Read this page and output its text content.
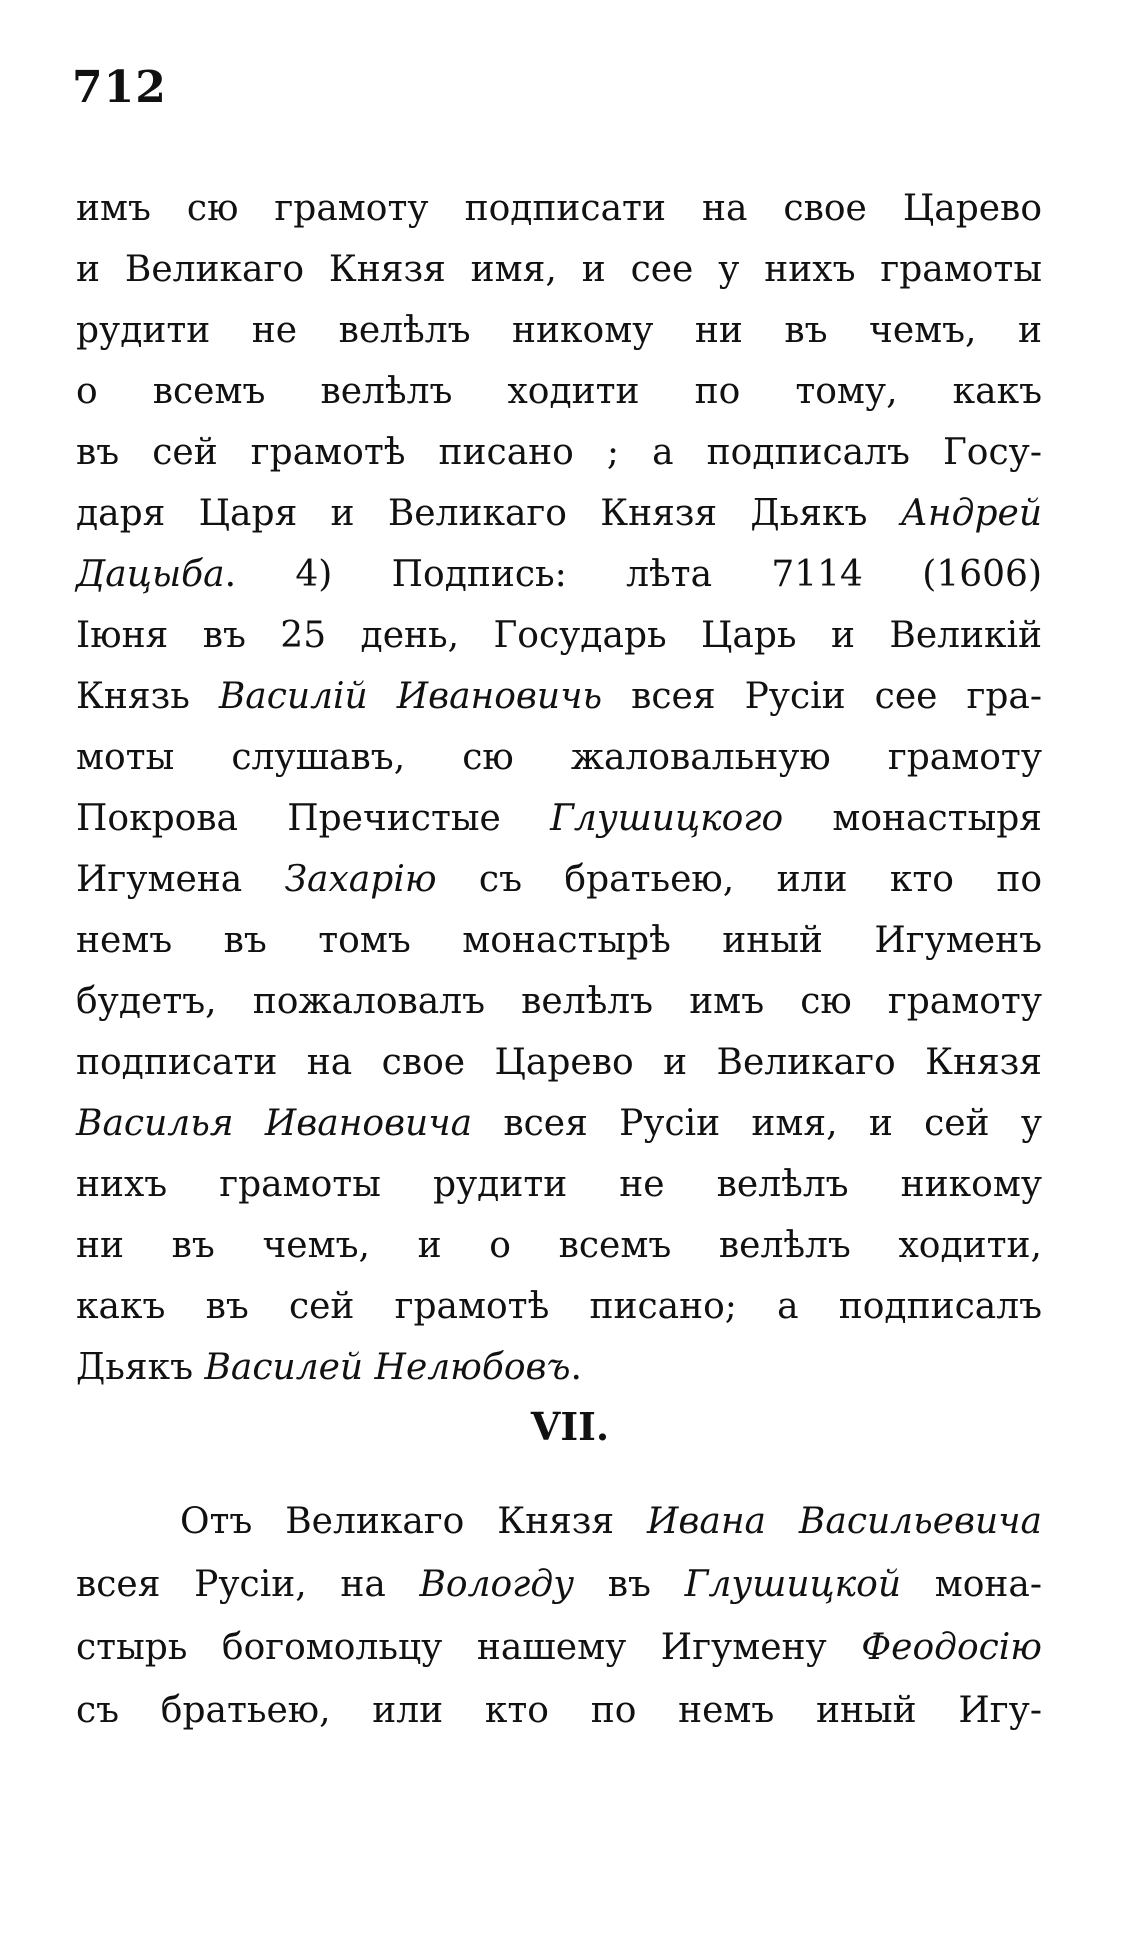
712
имъ сю грамоту подписати на свое Царево
и Великаго Князя имя, и сее у нихъ грамоты
рудити не велѣлъ никому ни въ чемъ, и
о всемъ велѣлъ ходити по тому, какъ
въ сей грамотѣ писано ; а подписалъ Госу-
даря Царя и Великаго Князя Дьякъ Андрей
Дацыба. 4) Подпись: лѣта 7114 (1606)
Іюня въ 25 день, Государь Царь и Великій
Князь Василій Ивановичь всея Русіи сее гра-
моты слушавъ, сю жаловальную грамоту
Покрова Пречистые Глушицкого монастыря
Игумена Захарію съ братьею, или кто по
немъ въ томъ монастырѣ иный Игуменъ
будетъ, пожаловалъ велѣлъ имъ сю грамоту
подписати на свое Царево и Великаго Князя
Василья Ивановича всея Русіи имя, и сей у
нихъ грамоты рудити не велѣлъ никому
ни въ чемъ, и о всемъ велѣлъ ходити,
какъ въ сей грамотѣ писано; а подписалъ
Дьякъ Василей Нелюбовъ.
VII.
Отъ Великаго Князя Ивана Васильевича
всея Русіи, на Вологду въ Глушицкой мона-
стырь богомольцу нашему Игумену Феодосію
съ братьею, или кто по немъ иный Игу-
